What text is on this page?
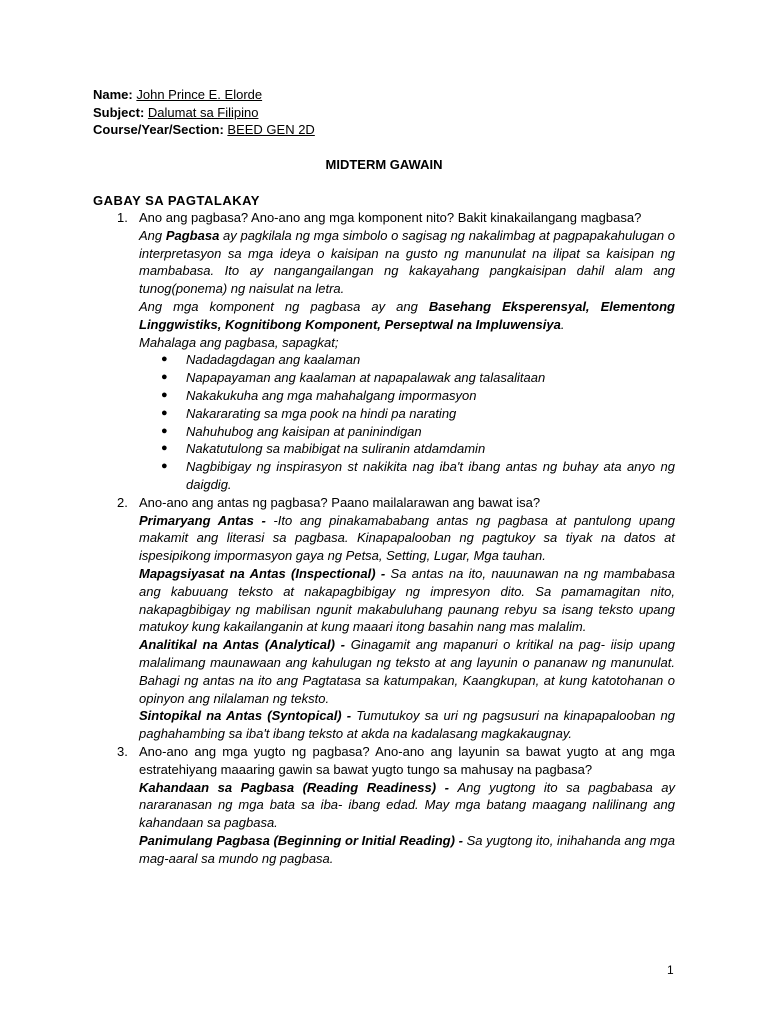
Name: John Prince E. Elorde
Subject: Dalumat sa Filipino
Course/Year/Section: BEED GEN 2D
MIDTERM GAWAIN
GABAY SA PAGTALAKAY
1. Ano ang pagbasa? Ano-ano ang mga komponent nito? Bakit kinakailangang magbasa?
Ang Pagbasa ay pagkilala ng mga simbolo o sagisag ng nakalimbag at pagpapakahulugan o interpretasyon sa mga ideya o kaisipan na gusto ng manunulat na ilipat sa kaisipan ng mambabasa. Ito ay nangangailangan ng kakayahang pangkaisipan dahil alam ang tunog(ponema) ng naisulat na letra.
Ang mga komponent ng pagbasa ay ang Basehang Eksperensyal, Elementong Linggwistiks, Kognitibong Komponent, Perseptwal na Impluwensiya.
Mahalaga ang pagbasa, sapagkat;
● Nadadagdagan ang kaalaman
● Napapayaman ang kaalaman at napapalawak ang talasalitaan
● Nakakukuha ang mga mahahalgang impormasyon
● Nakararating sa mga pook na hindi pa narating
● Nahuhubog ang kaisipan at paninindigan
● Nakatutulong sa mabibigat na suliranin atdamdamin
● Nagbibigay ng inspirasyon st nakikita nag iba't ibang antas ng buhay ata anyo ng daigdig.
2. Ano-ano ang antas ng pagbasa? Paano mailalarawan ang bawat isa?
Primaryang Antas - -Ito ang pinakamababang antas ng pagbasa at pantulong upang makamit ang literasi sa pagbasa. Kinapapalooban ng pagtukoy sa tiyak na datos at ispesipikong impormasyon gaya ng Petsa, Setting, Lugar, Mga tauhan.
Mapagsiyasat na Antas (Inspectional) - Sa antas na ito, nauunawan na ng mambabasa ang kabuuang teksto at nakapagbibigay ng impresyon dito. Sa pamamagitan nito, nakapagbibigay ng mabilisan ngunit makabuluhang paunang rebyu sa isang teksto upang matukoy kung kakailanganin at kung maaari itong basahin nang mas malalim.
Analitikal na Antas (Analytical) - Ginagamit ang mapanuri o kritikal na pag- iisip upang malalimang maunawaan ang kahulugan ng teksto at ang layunin o pananaw ng manunulat. Bahagi ng antas na ito ang Pagtatasa sa katumpakan, Kaangkupan, at kung katotohanan o opinyon ang nilalaman ng teksto.
Sintopikal na Antas (Syntopical) - Tumutukoy sa uri ng pagsusuri na kinapapalooban ng paghahambing sa iba't ibang teksto at akda na kadalasang magkakaugnay.
3. Ano-ano ang mga yugto ng pagbasa? Ano-ano ang layunin sa bawat yugto at ang mga estratehiyang maaaring gawin sa bawat yugto tungo sa mahusay na pagbasa?
Kahandaan sa Pagbasa (Reading Readiness) - Ang yugtong ito sa pagbabasa ay nararanasan ng mga bata sa iba- ibang edad. May mga batang maagang nalilinang ang kahandaan sa pagbasa.
Panimulang Pagbasa (Beginning or Initial Reading) - Sa yugtong ito, inihahanda ang mga mag-aaral sa mundo ng pagbasa.
1
